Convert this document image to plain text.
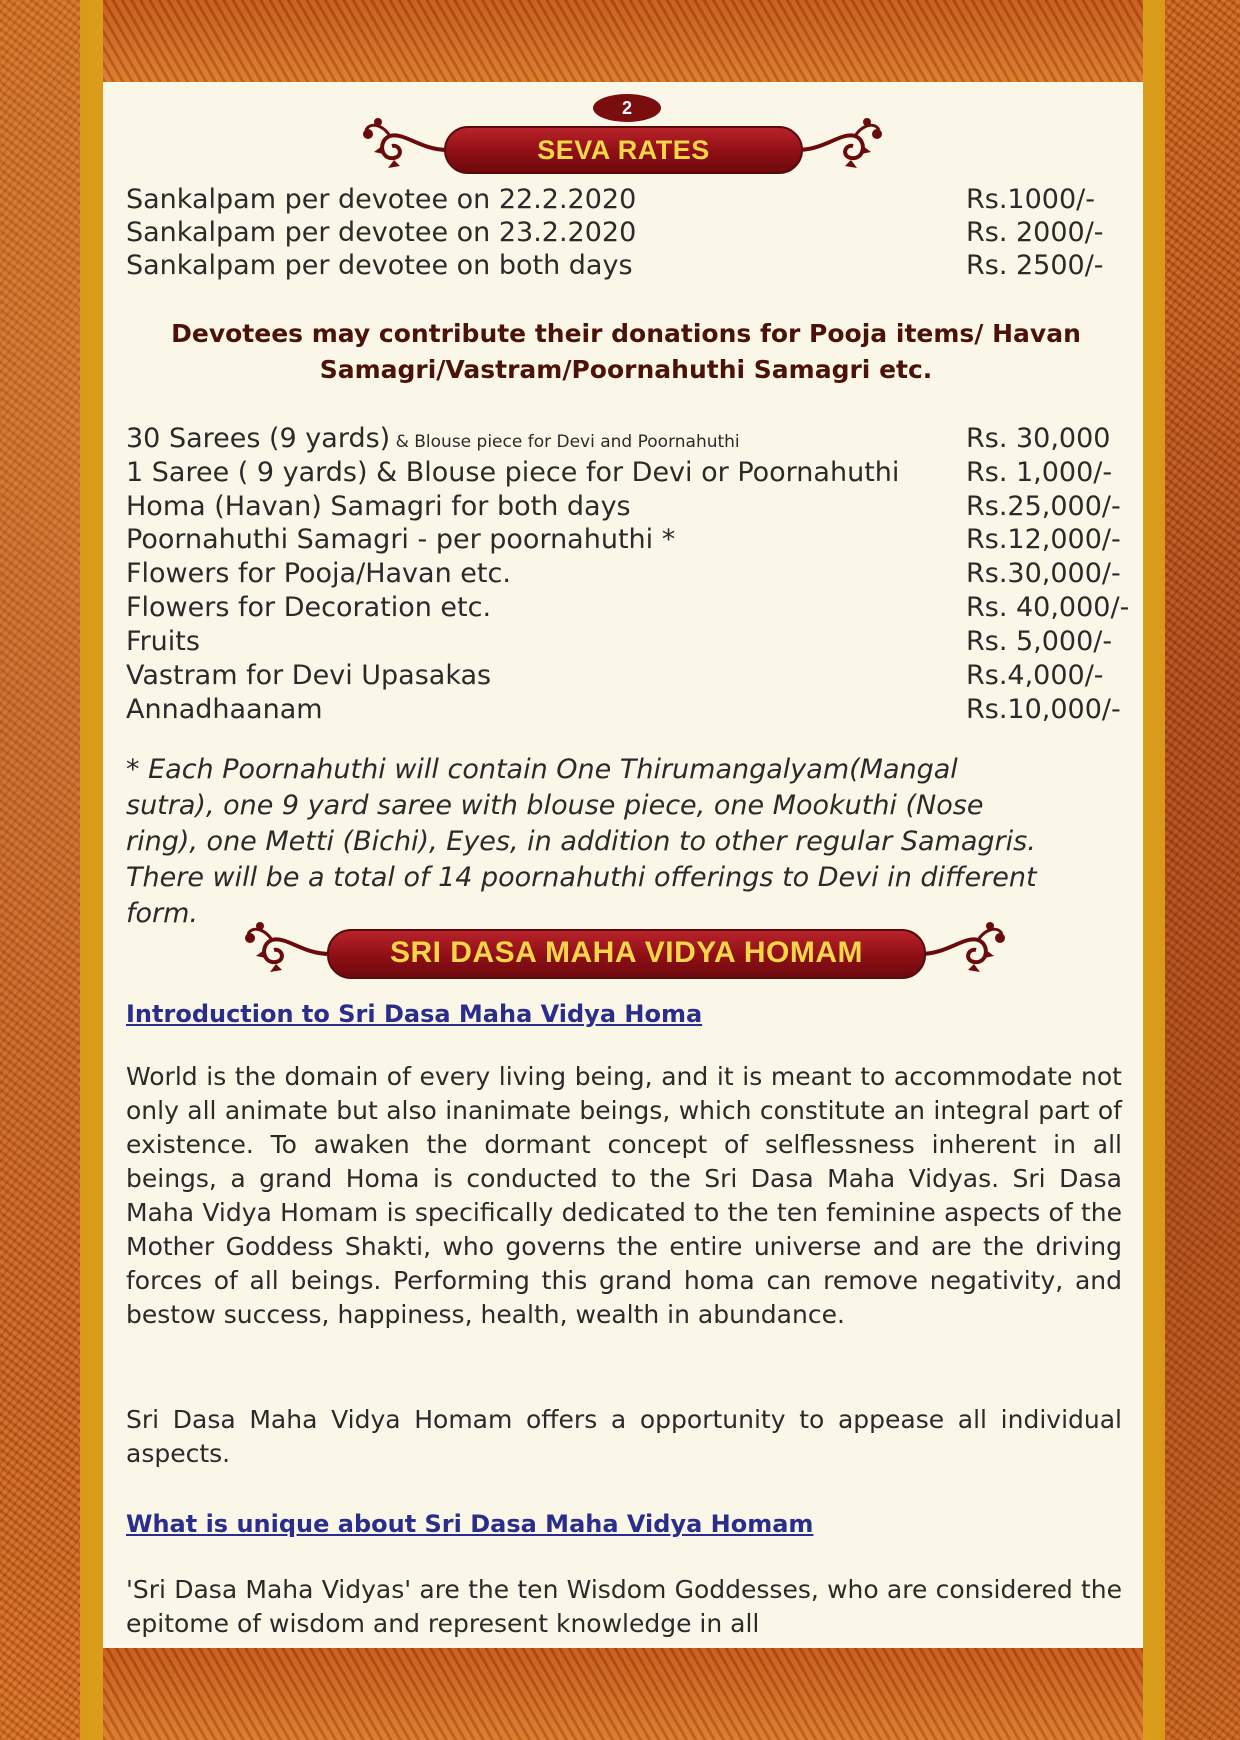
2
SEVA RATES
Sankalpam per devotee on 22.2.2020	Rs.1000/-
Sankalpam per devotee on 23.2.2020	Rs. 2000/-
Sankalpam per devotee on both days	Rs. 2500/-
Devotees may contribute their donations for Pooja items/ Havan
Samagri/Vastram/Poornahuthi Samagri etc.
30 Sarees (9 yards) & Blouse piece for Devi and Poornahuthi	Rs. 30,000
1 Saree ( 9 yards) & Blouse piece for Devi or Poornahuthi Rs. 1,000/-
Homa (Havan) Samagri for both days	Rs.25,000/-
Poornahuthi Samagri - per poornahuthi *	Rs.12,000/-
Flowers for Pooja/Havan etc.	Rs.30,000/-
Flowers for Decoration etc.	Rs. 40,000/-
Fruits	Rs. 5,000/-
Vastram for Devi Upasakas	Rs.4,000/-
Annadhaanam	Rs.10,000/-
* Each Poornahuthi will contain One Thirumangalyam(Mangal
sutra), one 9 yard saree with blouse piece, one Mookuthi (Nose
ring), one Metti (Bichi), Eyes, in addition to other regular Samagris.
There will be a total of 14 poornahuthi offerings to Devi in different
form.
SRI DASA MAHA VIDYA HOMAM
Introduction to Sri Dasa Maha Vidya Homa
World is the domain of every living being, and it is meant to accommodate not only all animate but also inanimate beings, which constitute an integral part of existence. To awaken the dormant concept of selflessness inherent in all beings, a grand Homa is conducted to the Sri Dasa Maha Vidyas. Sri Dasa Maha Vidya Homam is specifically dedicated to the ten feminine aspects of the Mother Goddess Shakti, who governs the entire universe and are the driving forces of all beings. Performing this grand homa can remove negativity, and bestow success, happiness, health, wealth in abundance.
Sri Dasa Maha Vidya Homam offers a opportunity to appease all individual aspects.
What is unique about Sri Dasa Maha Vidya Homam
'Sri Dasa Maha Vidyas' are the ten Wisdom Goddesses, who are considered the epitome of wisdom and represent knowledge in all
